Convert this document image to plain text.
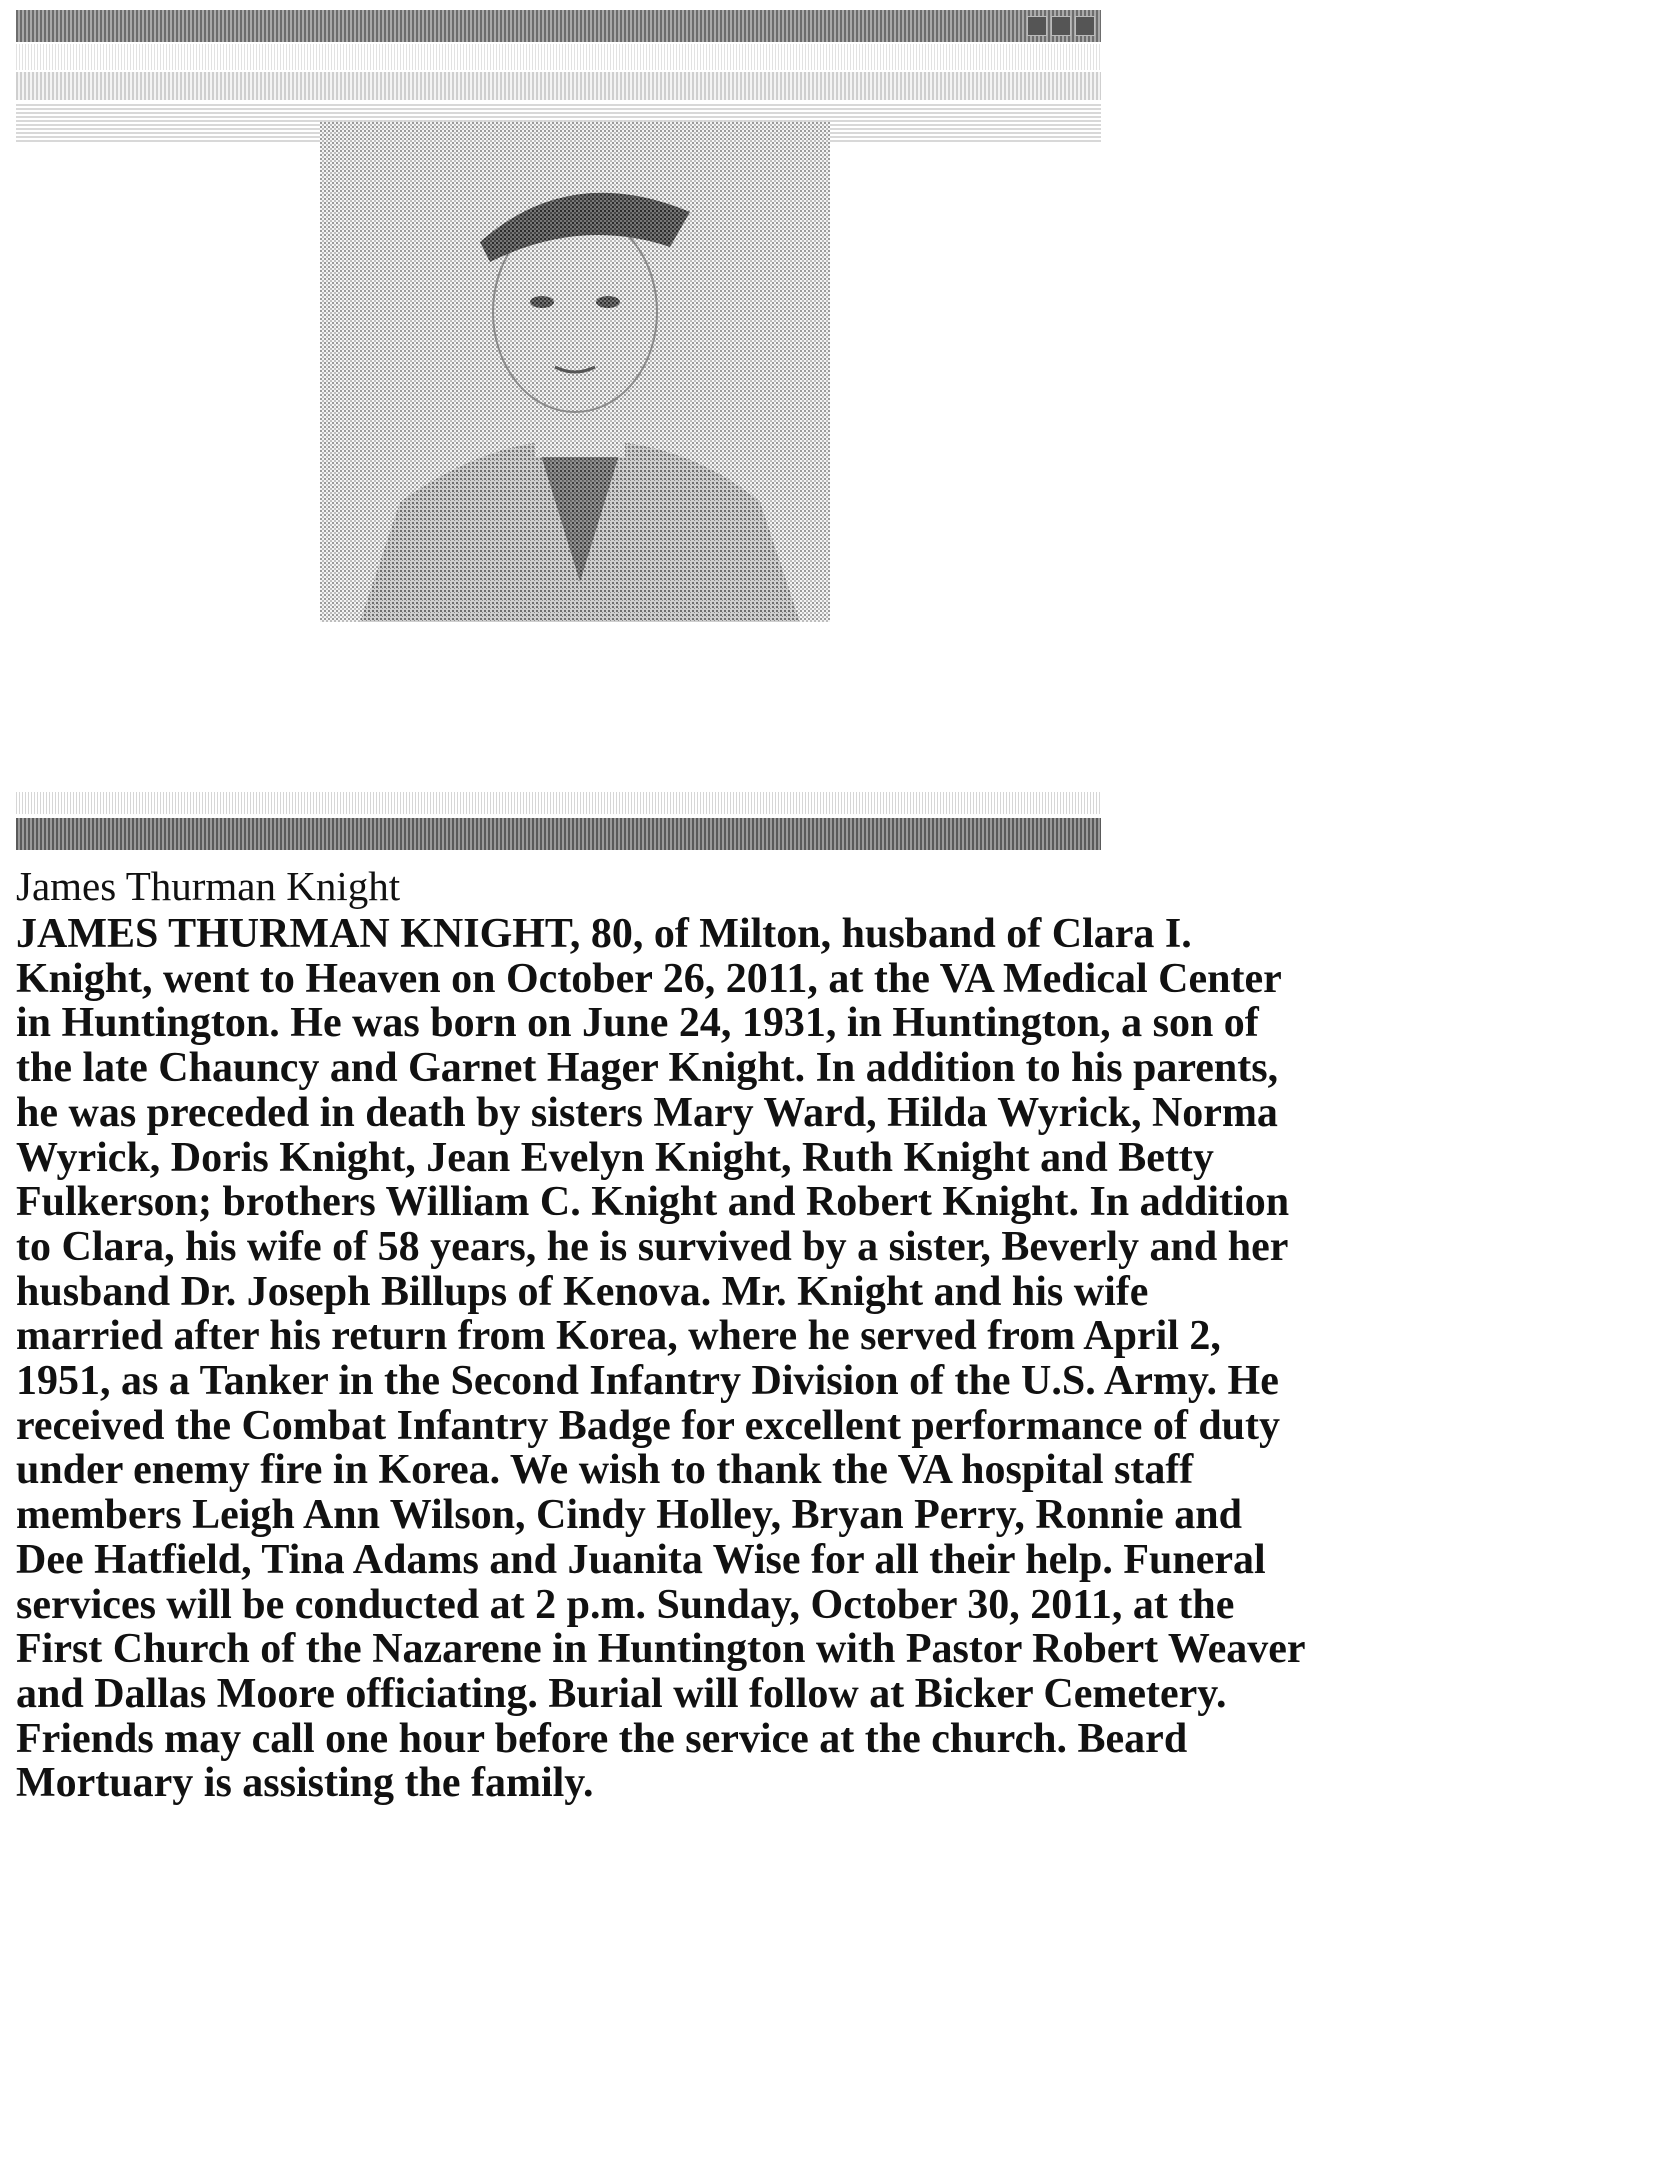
James Thurman Knight

JAMES THURMAN KNIGHT, 80, of Milton, husband of Clara I.
Knight, went to Heaven on October 26, 2011, at the VA Medical Center
in Huntington. He was born on June 24, 1931, in Huntington, a son of
the late Chauncy and Garnet Hager Knight. In addition to his parents,
he was preceded in death by sisters Mary Ward, Hilda Wyrick, Norma
Wyrick, Doris Knight, Jean Evelyn Knight, Ruth Knight and Betty
Fulkerson; brothers William C. Knight and Robert Knight. In addition
to Clara, his wife of 58 years, he is survived by a sister, Beverly and her
husband Dr. Joseph Billups of Kenova. Mr. Knight and his wife
married after his return from Korea, where he served from April 2,
1951, as a Tanker in the Second Infantry Division of the U.S. Army. He
received the Combat Infantry Badge for excellent performance of duty
under enemy fire in Korea. We wish to thank the VA hospital staff
members Leigh Ann Wilson, Cindy Holley, Bryan Perry, Ronnie and
Dee Hatfield, Tina Adams and Juanita Wise for all their help. Funeral
services will be conducted at 2 p.m. Sunday, October 30, 2011, at the
First Church of the Nazarene in Huntington with Pastor Robert Weaver
and Dallas Moore officiating. Burial will follow at Bicker Cemetery.
Friends may call one hour before the service at the church. Beard
Mortuary is assisting the family.
